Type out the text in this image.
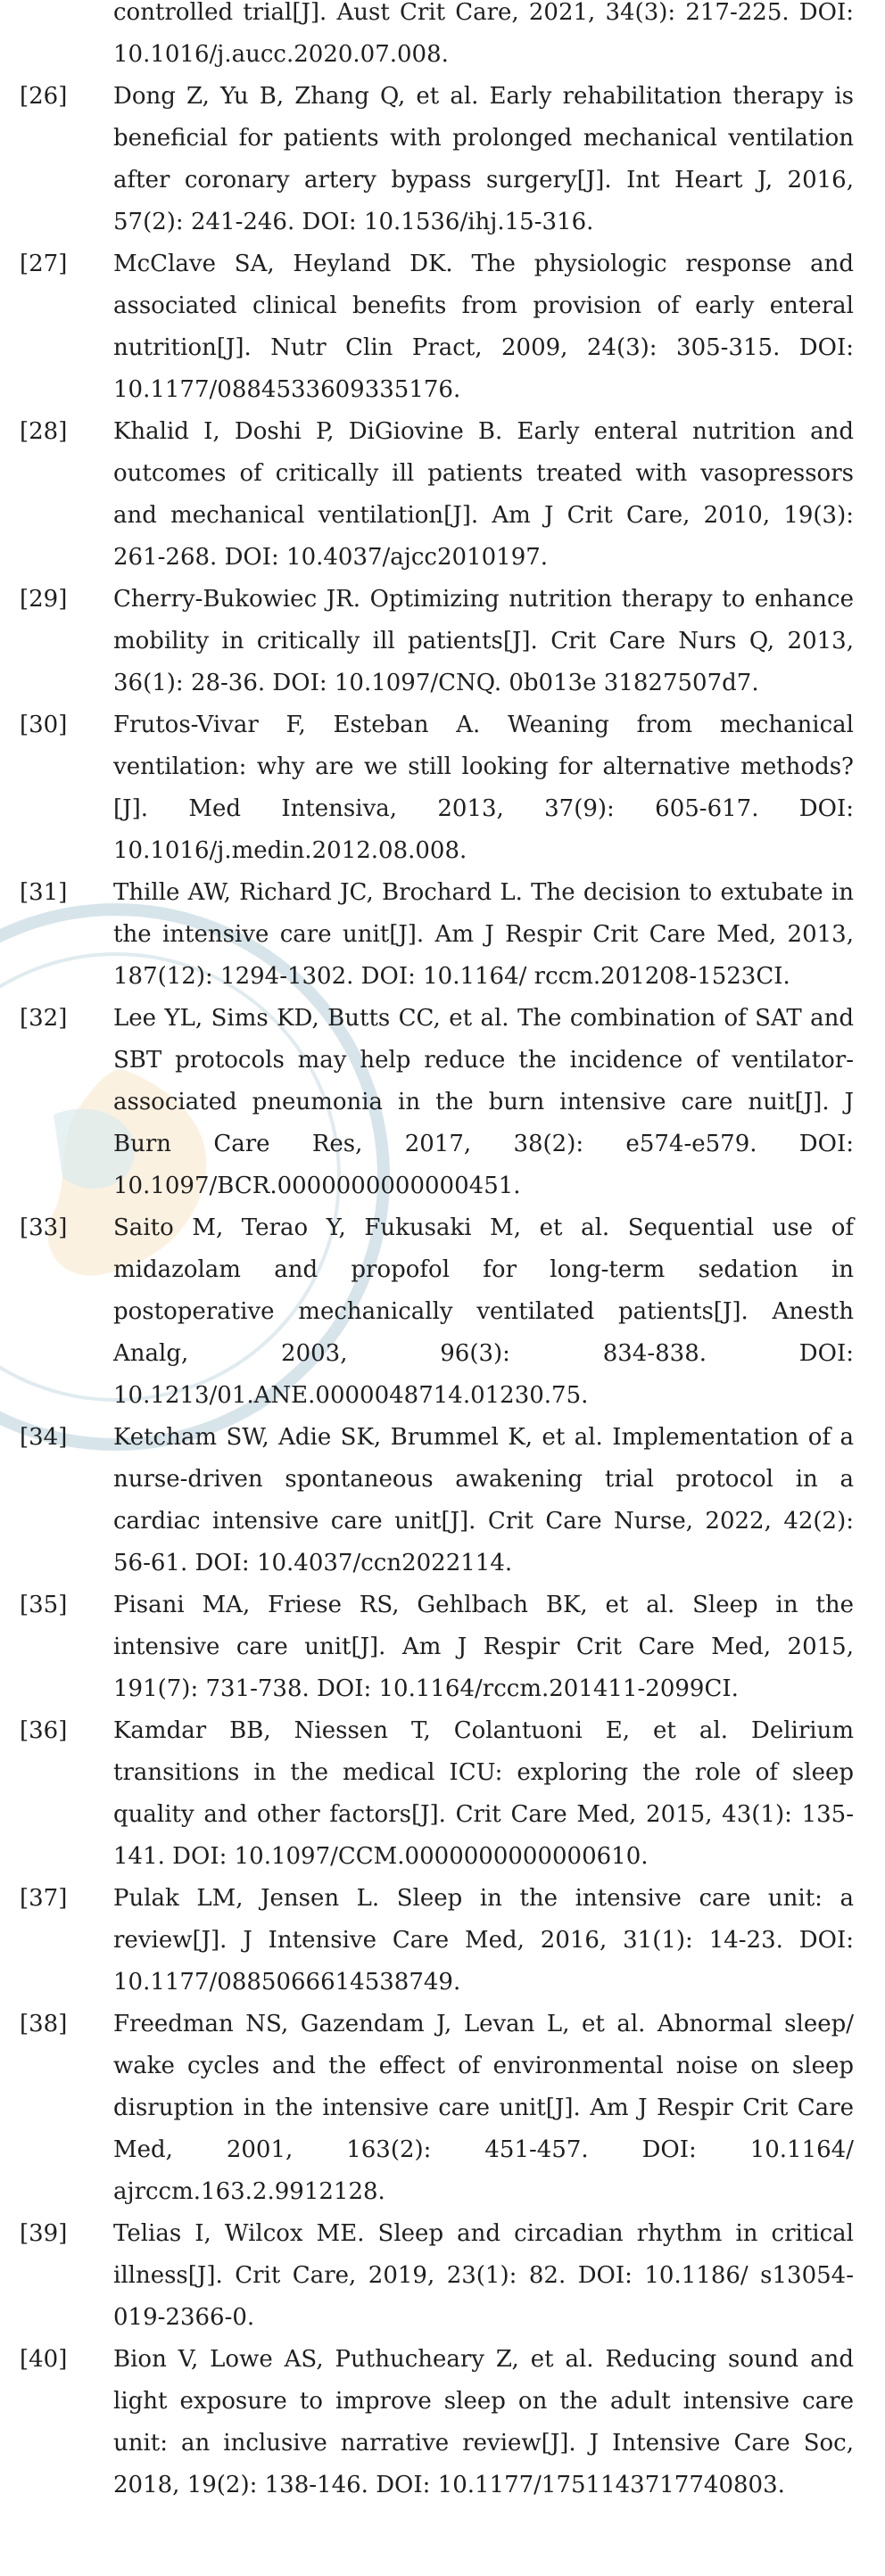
controlled trial[J]. Aust Crit Care, 2021, 34(3): 217-225. DOI: 10.1016/j.aucc.2020.07.008.
[26]	Dong Z, Yu B, Zhang Q, et al. Early rehabilitation therapy is beneficial for patients with prolonged mechanical ventilation after coronary artery bypass surgery[J]. Int Heart J, 2016, 57(2): 241-246. DOI: 10.1536/ihj.15-316.
[27]	McClave SA, Heyland DK. The physiologic response and associated clinical benefits from provision of early enteral nutrition[J]. Nutr Clin Pract, 2009, 24(3): 305-315. DOI: 10.1177/0884533609335176.
[28]	Khalid I, Doshi P, DiGiovine B. Early enteral nutrition and outcomes of critically ill patients treated with vasopressors and mechanical ventilation[J]. Am J Crit Care, 2010, 19(3): 261-268. DOI: 10.4037/ajcc2010197.
[29]	Cherry-Bukowiec JR. Optimizing nutrition therapy to enhance mobility in critically ill patients[J]. Crit Care Nurs Q, 2013, 36(1): 28-36. DOI: 10.1097/CNQ. 0b013e 31827507d7.
[30]	Frutos-Vivar F, Esteban A. Weaning from mechanical ventilation: why are we still looking for alternative methods? [J]. Med Intensiva, 2013, 37(9): 605-617. DOI: 10.1016/j.medin.2012.08.008.
[31]	Thille AW, Richard JC, Brochard L. The decision to extubate in the intensive care unit[J]. Am J Respir Crit Care Med, 2013, 187(12): 1294-1302. DOI: 10.1164/ rccm.201208-1523CI.
[32]	Lee YL, Sims KD, Butts CC, et al. The combination of SAT and SBT protocols may help reduce the incidence of ventilator-associated pneumonia in the burn intensive care nuit[J]. J Burn Care Res, 2017, 38(2): e574-e579. DOI: 10.1097/BCR.0000000000000451.
[33]	Saito M, Terao Y, Fukusaki M, et al. Sequential use of midazolam and propofol for long-term sedation in postoperative mechanically ventilated patients[J]. Anesth Analg, 2003, 96(3): 834-838. DOI: 10.1213/01.ANE.0000048714.01230.75.
[34]	Ketcham SW, Adie SK, Brummel K, et al. Implementation of a nurse-driven spontaneous awakening trial protocol in a cardiac intensive care unit[J]. Crit Care Nurse, 2022, 42(2): 56-61. DOI: 10.4037/ccn2022114.
[35]	Pisani MA, Friese RS, Gehlbach BK, et al. Sleep in the intensive care unit[J]. Am J Respir Crit Care Med, 2015, 191(7): 731-738. DOI: 10.1164/rccm.201411-2099CI.
[36]	Kamdar BB, Niessen T, Colantuoni E, et al. Delirium transitions in the medical ICU: exploring the role of sleep quality and other factors[J]. Crit Care Med, 2015, 43(1): 135-141. DOI: 10.1097/CCM.0000000000000610.
[37]	Pulak LM, Jensen L. Sleep in the intensive care unit: a review[J]. J Intensive Care Med, 2016, 31(1): 14-23. DOI: 10.1177/0885066614538749.
[38]	Freedman NS, Gazendam J, Levan L, et al. Abnormal sleep/ wake cycles and the effect of environmental noise on sleep disruption in the intensive care unit[J]. Am J Respir Crit Care Med, 2001, 163(2): 451-457. DOI: 10.1164/ ajrccm.163.2.9912128.
[39]	Telias I, Wilcox ME. Sleep and circadian rhythm in critical illness[J]. Crit Care, 2019, 23(1): 82. DOI: 10.1186/ s13054-019-2366-0.
[40]	Bion V, Lowe AS, Puthucheary Z, et al. Reducing sound and light exposure to improve sleep on the adult intensive care unit: an inclusive narrative review[J]. J Intensive Care Soc, 2018, 19(2): 138-146. DOI: 10.1177/1751143717740803.
